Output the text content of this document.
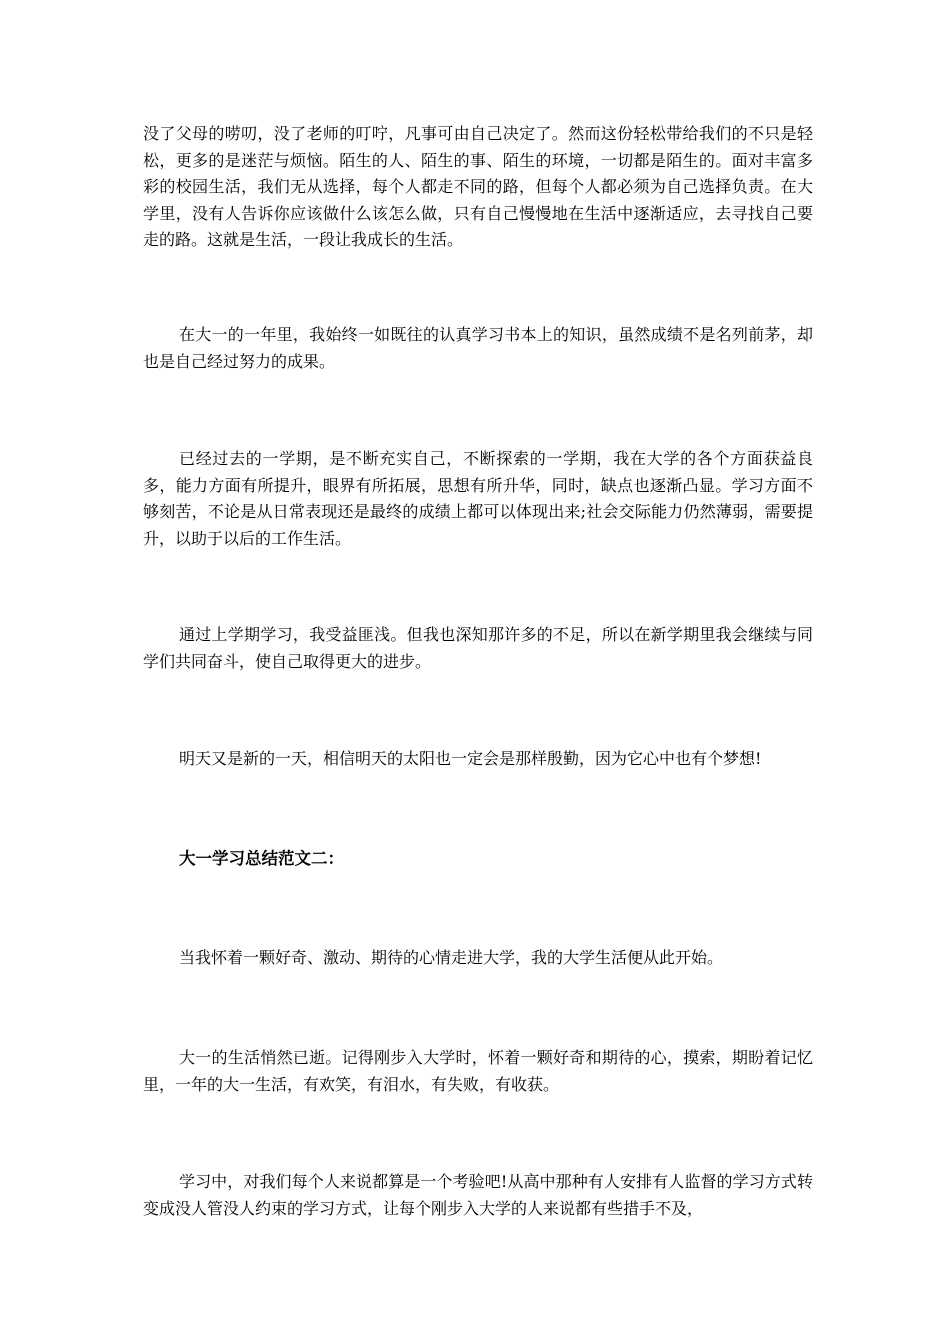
没了父母的唠叨，没了老师的叮咛，凡事可由自己决定了。然而这份轻松带给我们的不只是轻松，更多的是迷茫与烦恼。陌生的人、陌生的事、陌生的环境，一切都是陌生的。面对丰富多彩的校园生活，我们无从选择，每个人都走不同的路，但每个人都必须为自己选择负责。在大学里，没有人告诉你应该做什么该怎么做，只有自己慢慢地在生活中逐渐适应，去寻找自己要走的路。这就是生活，一段让我成长的生活。

在大一的一年里，我始终一如既往的认真学习书本上的知识，虽然成绩不是名列前茅，却也是自己经过努力的成果。

已经过去的一学期，是不断充实自己，不断探索的一学期，我在大学的各个方面获益良多，能力方面有所提升，眼界有所拓展，思想有所升华，同时，缺点也逐渐凸显。学习方面不够刻苦，不论是从日常表现还是最终的成绩上都可以体现出来;社会交际能力仍然薄弱，需要提升，以助于以后的工作生活。

通过上学期学习，我受益匪浅。但我也深知那许多的不足，所以在新学期里我会继续与同学们共同奋斗，使自己取得更大的进步。

明天又是新的一天，相信明天的太阳也一定会是那样殷勤，因为它心中也有个梦想!

大一学习总结范文二：

当我怀着一颗好奇、激动、期待的心情走进大学，我的大学生活便从此开始。

大一的生活悄然已逝。记得刚步入大学时，怀着一颗好奇和期待的心，摸索，期盼着记忆里，一年的大一生活，有欢笑，有泪水，有失败，有收获。

学习中，对我们每个人来说都算是一个考验吧!从高中那种有人安排有人监督的学习方式转变成没人管没人约束的学习方式，让每个刚步入大学的人来说都有些措手不及，
